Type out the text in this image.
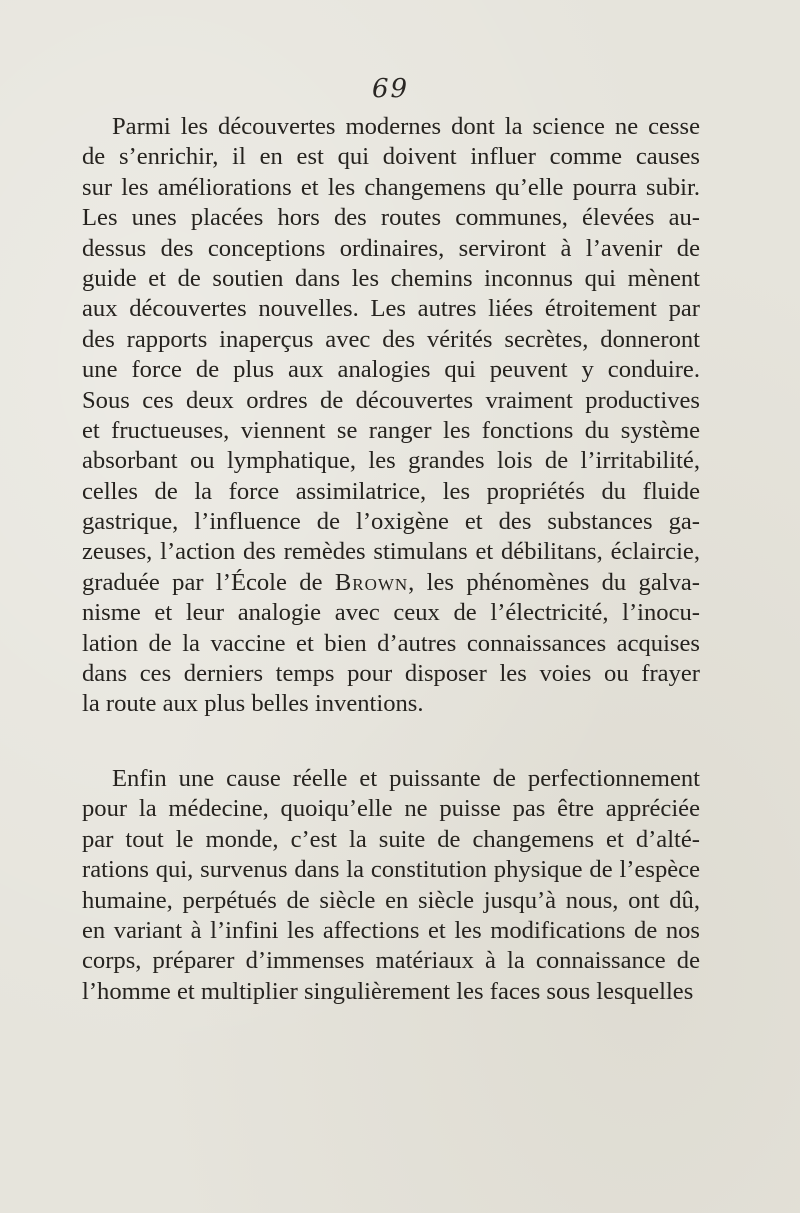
69
Parmi les découvertes modernes dont la science ne cesse
de s’enrichir, il en est qui doivent influer comme causes
sur les améliorations et les changemens qu’elle pourra subir.
Les unes placées hors des routes communes, élevées au-
dessus des conceptions ordinaires, serviront à l’avenir de
guide et de soutien dans les chemins inconnus qui mènent
aux découvertes nouvelles. Les autres liées étroitement par
des rapports inaperçus avec des vérités secrètes, donneront
une force de plus aux analogies qui peuvent y conduire.
Sous ces deux ordres de découvertes vraiment productives
et fructueuses, viennent se ranger les fonctions du système
absorbant ou lymphatique, les grandes lois de l’irritabilité,
celles de la force assimilatrice, les propriétés du fluide
gastrique, l’influence de l’oxigène et des substances ga-
zeuses, l’action des remèdes stimulans et débilitans, éclaircie,
graduée par l’École de Brown, les phénomènes du galva-
nisme et leur analogie avec ceux de l’électricité, l’inocu-
lation de la vaccine et bien d’autres connaissances acquises
dans ces derniers temps pour disposer les voies ou frayer
la route aux plus belles inventions.
Enfin une cause réelle et puissante de perfectionnement
pour la médecine, quoiqu’elle ne puisse pas être appréciée
par tout le monde, c’est la suite de changemens et d’alté-
rations qui, survenus dans la constitution physique de l’espèce
humaine, perpétués de siècle en siècle jusqu’à nous, ont dû,
en variant à l’infini les affections et les modifications de nos
corps, préparer d’immenses matériaux à la connaissance de
l’homme et multiplier singulièrement les faces sous lesquelles
